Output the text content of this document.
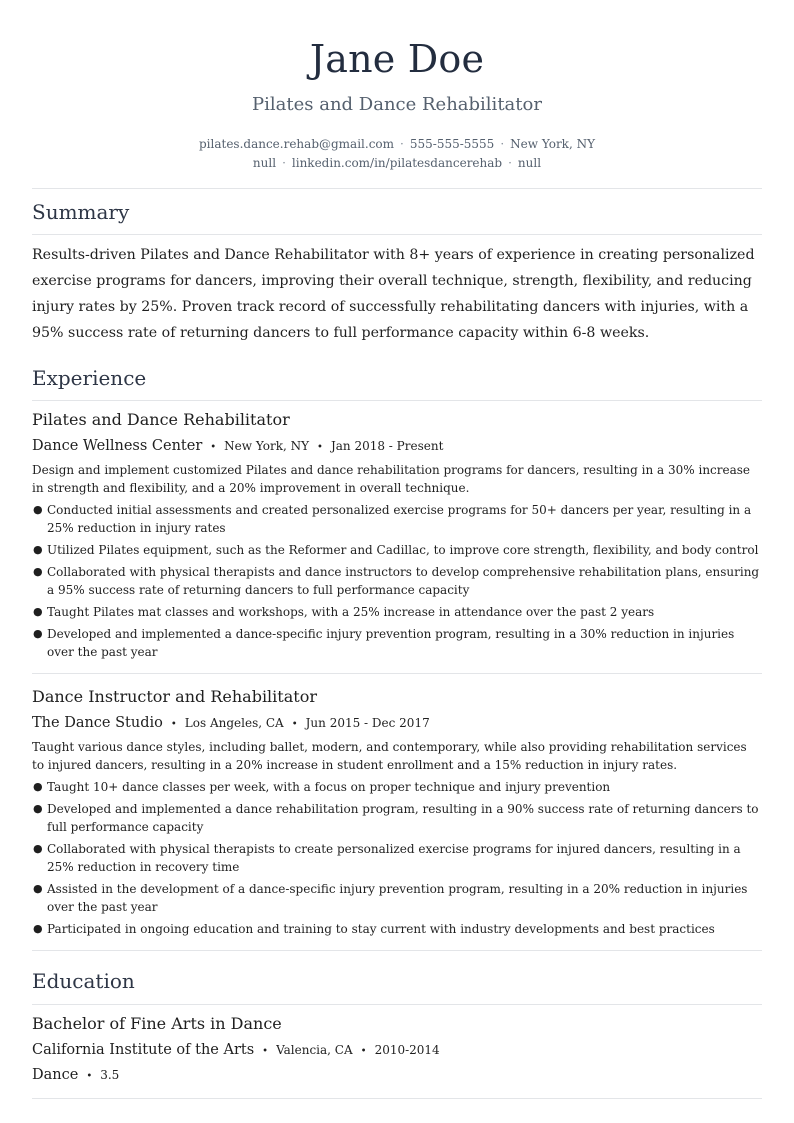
Jane Doe
Pilates and Dance Rehabilitator
pilates.dance.rehab@gmail.com · 555-555-5555 · New York, NY
null · linkedin.com/in/pilatesdancerehab · null
Summary
Results-driven Pilates and Dance Rehabilitator with 8+ years of experience in creating personalized exercise programs for dancers, improving their overall technique, strength, flexibility, and reducing injury rates by 25%. Proven track record of successfully rehabilitating dancers with injuries, with a 95% success rate of returning dancers to full performance capacity within 6-8 weeks.
Experience
Pilates and Dance Rehabilitator
Dance Wellness Center • New York, NY • Jan 2018 - Present
Design and implement customized Pilates and dance rehabilitation programs for dancers, resulting in a 30% increase in strength and flexibility, and a 20% improvement in overall technique.
● Conducted initial assessments and created personalized exercise programs for 50+ dancers per year, resulting in a 25% reduction in injury rates
● Utilized Pilates equipment, such as the Reformer and Cadillac, to improve core strength, flexibility, and body control
● Collaborated with physical therapists and dance instructors to develop comprehensive rehabilitation plans, ensuring a 95% success rate of returning dancers to full performance capacity
● Taught Pilates mat classes and workshops, with a 25% increase in attendance over the past 2 years
● Developed and implemented a dance-specific injury prevention program, resulting in a 30% reduction in injuries over the past year
Dance Instructor and Rehabilitator
The Dance Studio • Los Angeles, CA • Jun 2015 - Dec 2017
Taught various dance styles, including ballet, modern, and contemporary, while also providing rehabilitation services to injured dancers, resulting in a 20% increase in student enrollment and a 15% reduction in injury rates.
● Taught 10+ dance classes per week, with a focus on proper technique and injury prevention
● Developed and implemented a dance rehabilitation program, resulting in a 90% success rate of returning dancers to full performance capacity
● Collaborated with physical therapists to create personalized exercise programs for injured dancers, resulting in a 25% reduction in recovery time
● Assisted in the development of a dance-specific injury prevention program, resulting in a 20% reduction in injuries over the past year
● Participated in ongoing education and training to stay current with industry developments and best practices
Education
Bachelor of Fine Arts in Dance
California Institute of the Arts • Valencia, CA • 2010-2014
Dance • 3.5
